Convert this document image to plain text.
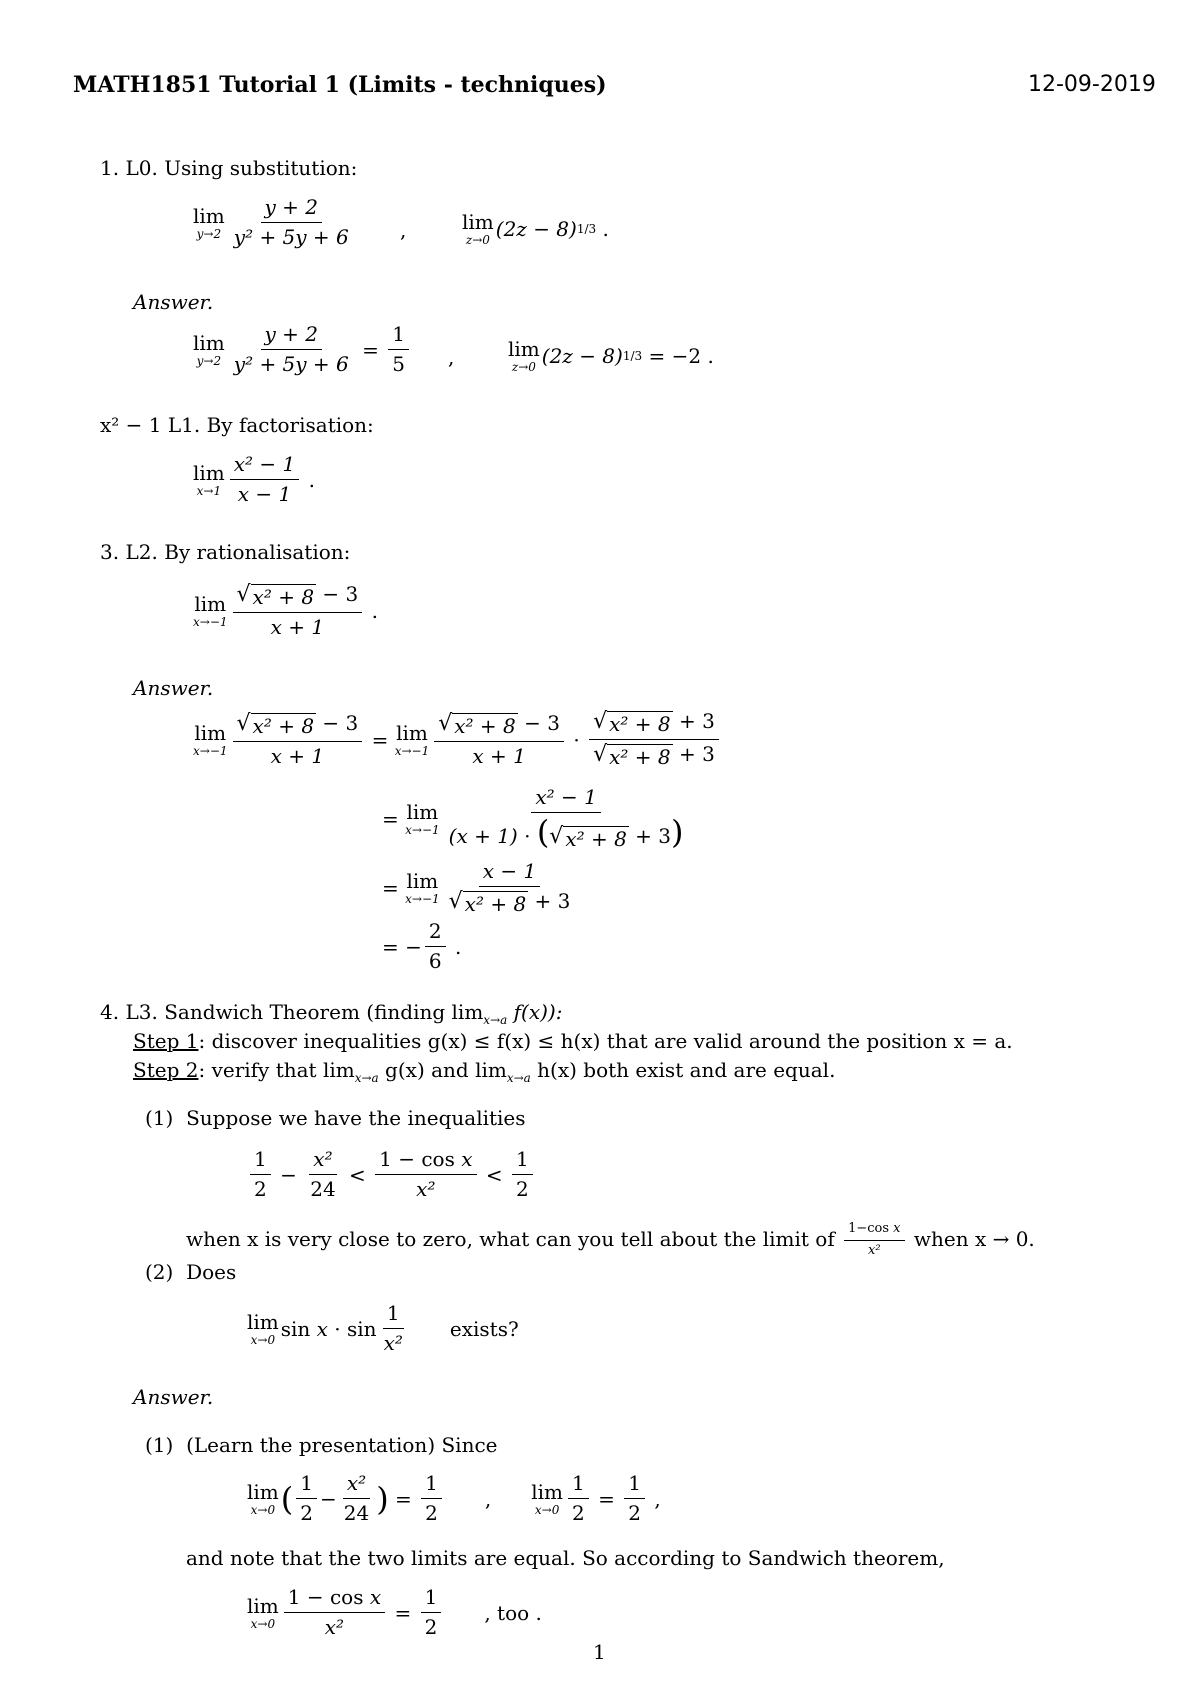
MATH1851 Tutorial 1 (Limits - techniques)	12-09-2019
1. L0. Using substitution:
lim
$y\to 2 \frac{y + 2}{\text{y² + 5y + 6}}$ ,	lim
z→0 (2z − 8) 1/3 .
Answer.
lim
$y\to 2 \frac{y + 2}{\text{y² + 5y + 6}} = \frac{1}{5}$ ,	lim
z→0 (2z − 8) 1/3
= −2 .
x² − 1 L1. By factorisation:
lim
$x\to 1 \frac{\text{x² − 1}}{x - 1}$ .
3. L2. By rationalisation:
lim
$x\to-1 \frac{\text{√ x² + 8 − 3}}{x + 1}$ .
Answer.
lim
$x\to-1 \frac{\text{√ x² + 8 − 3}}{x + 1} = \lim$
$x\to-1 \frac{\text{√ x² + 8 − 3}}{x + 1} \cdot \frac{\text{√ x² + 8 + 3}}{\text{√ x² + 8 + 3}}$
= lim
$x\to-1 \frac{\text{x² − 1}}{\text{(x + 1) · ( √ x² + 8 + 3)}}$
= lim
$x\to-1 \frac{x - 1}{\text{√ x² + 8 + 3}}$
= − $\frac{2}{6}$ .
4. L3. Sandwich Theorem (finding $\lim_{x\to a} f(x)$):
Step 1: discover inequalities g(x) ≤ f(x) ≤ h(x) that are valid around the position x = a.
Step 2: verify that $\lim_{x\to a} g(x)$ and $\lim_{x\to a} h(x)$ both exist and are equal.
(1) Suppose we have the inequalities
$\frac{1}{2} - \frac{\text{x²}}{24} < \frac{\text{1 − cos x}}{\text{x²}} < \frac{1}{2}$
when x is very close to zero, what can you tell about the limit of $\frac{\text{1−cos x}}{\text{x²}}$ when x → 0.
(2) Does
lim
x→0 $\sin x \cdot \sin \frac{1}{\text{x²}}$ exists?
Answer.
(1) (Learn the presentation) Since
lim
x→0 ( $\frac{1}{2} - \frac{\text{x²}}{24}$ ) = $\frac{1}{2}$ , lim
$x\to 0 \frac{1}{2} = \frac{1}{2}$ ,
and note that the two limits are equal. So according to Sandwich theorem,
lim
$x\to 0 \frac{\text{1 − cos x}}{\text{x²}} = \frac{1}{2}$ , too .
1
